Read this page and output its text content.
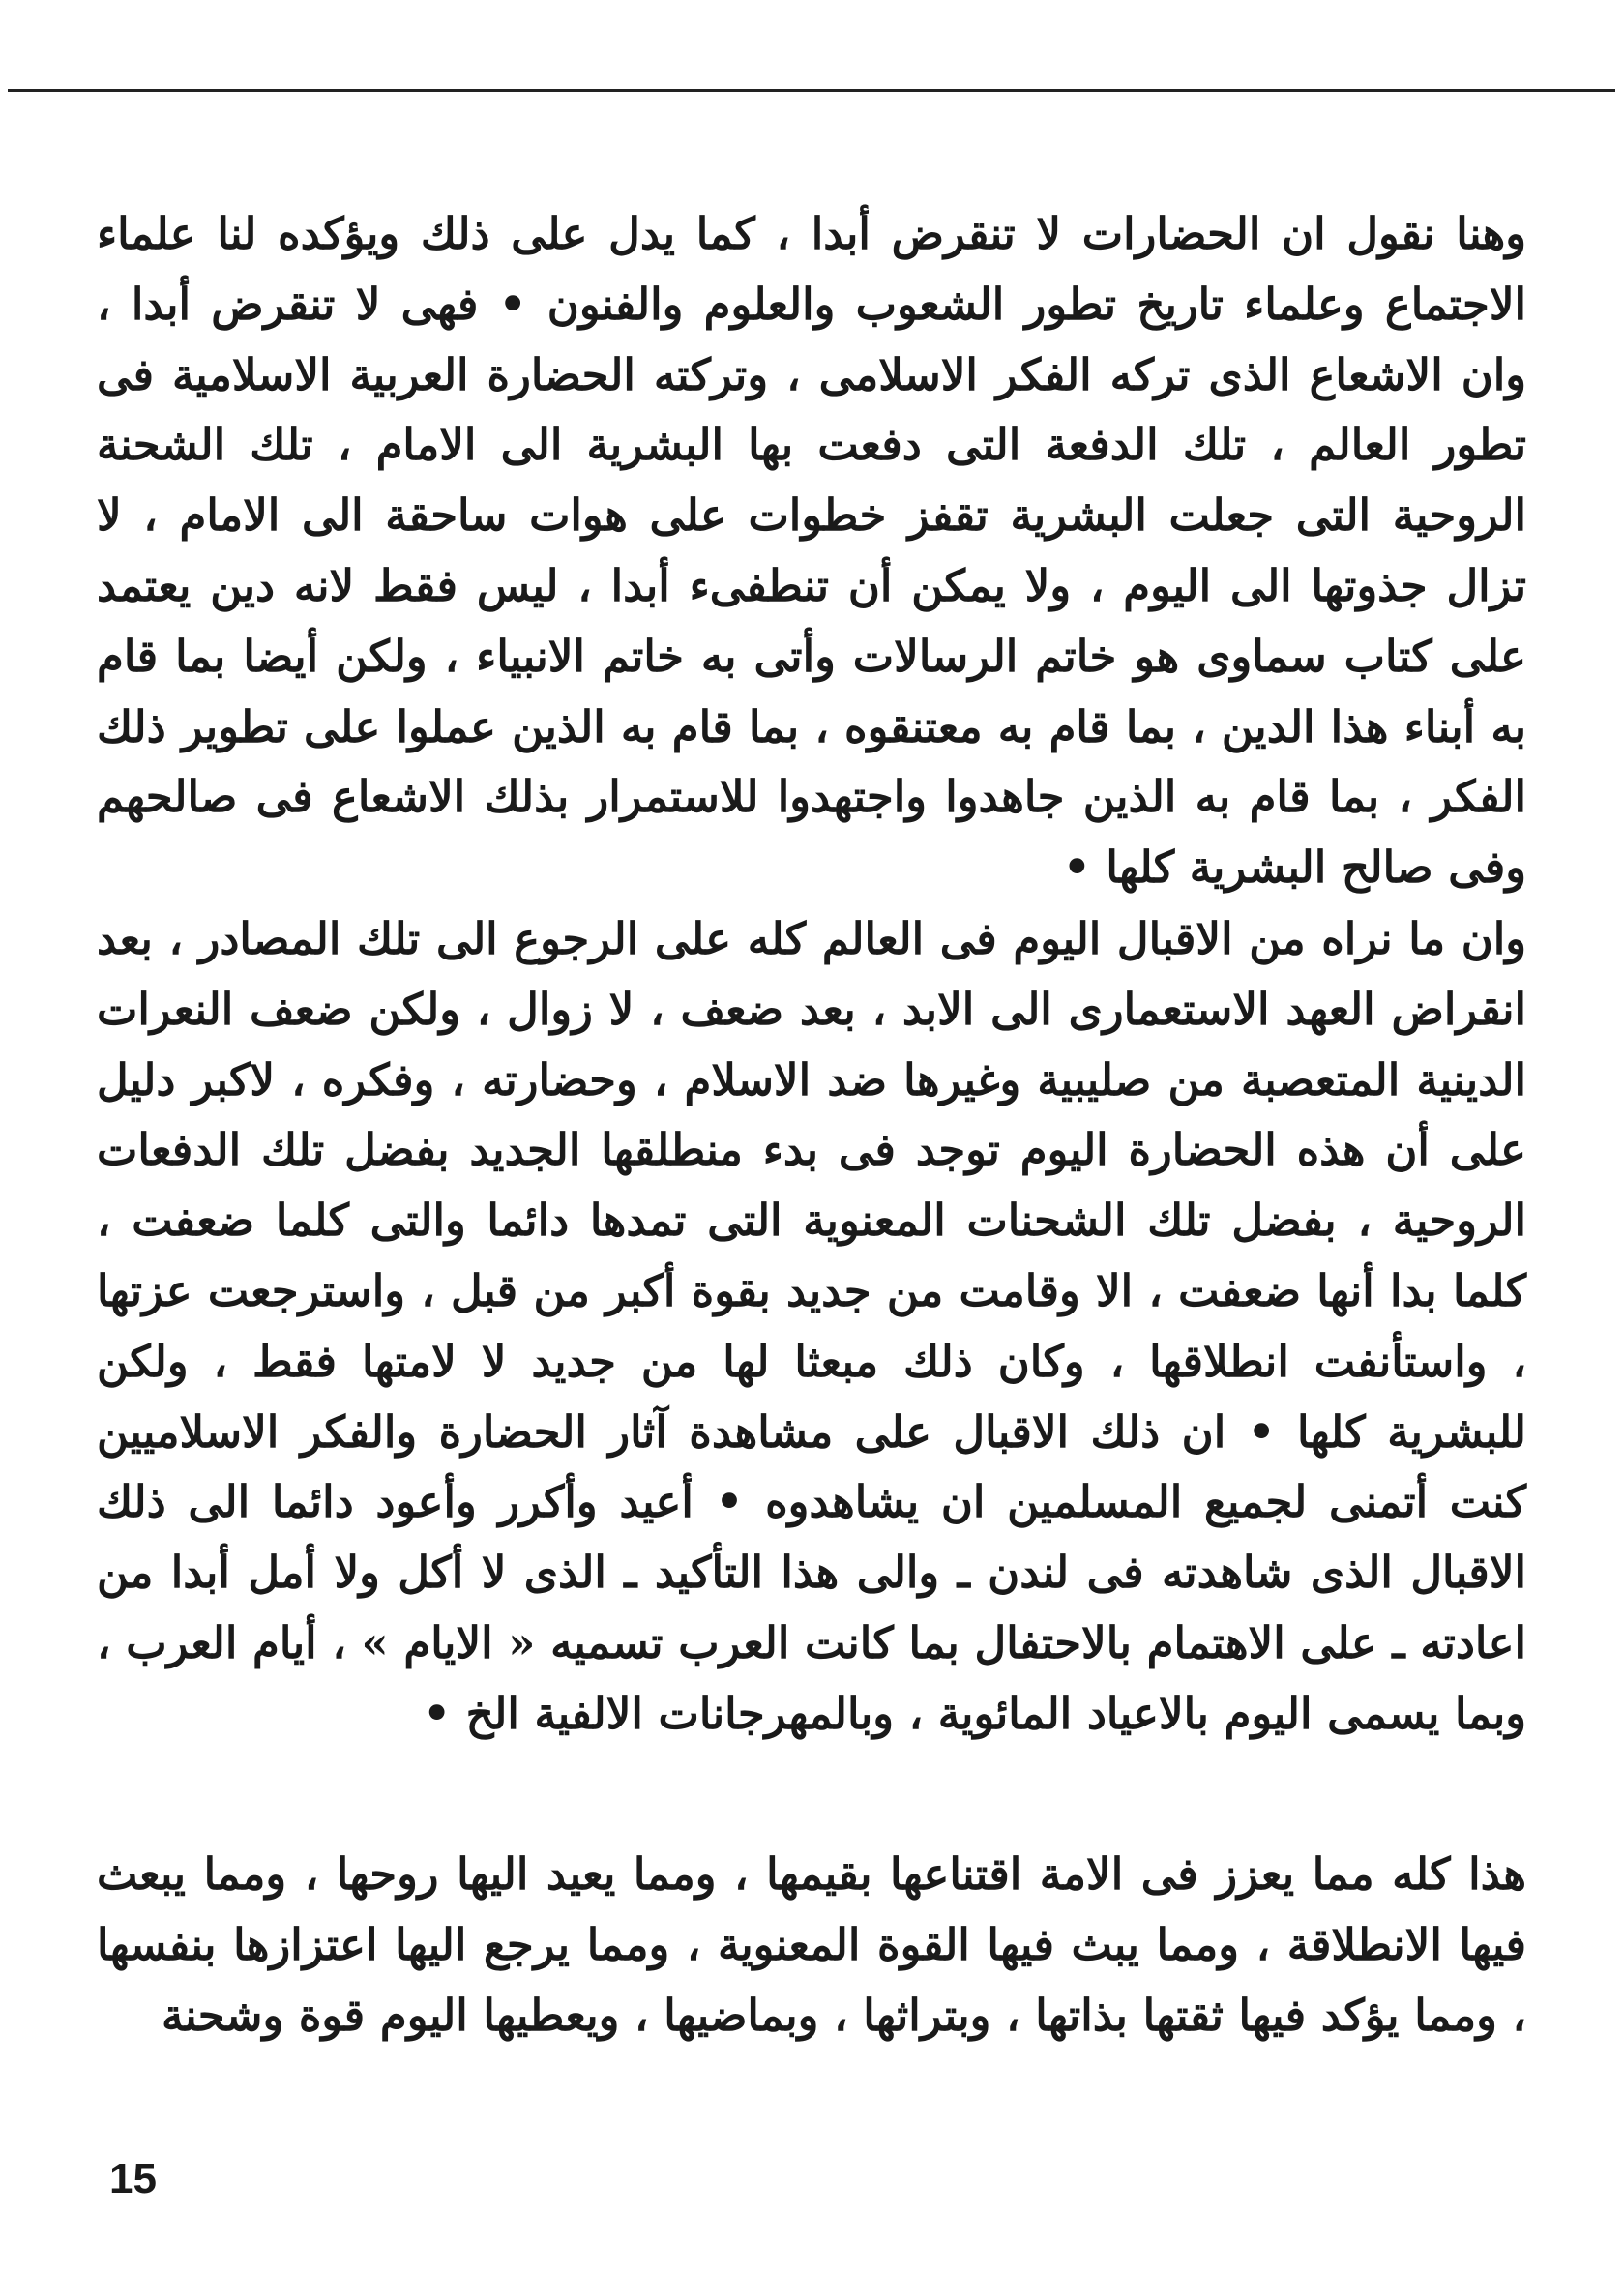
وهنا نقول ان الحضارات لا تنقرض أبدا ، كما يدل على ذلك ويؤكده لنا علماء الاجتماع وعلماء تاريخ تطور الشعوب والعلوم والفنون • فهى لا تنقرض أبدا ، وان الاشعاع الذى تركه الفكر الاسلامى ، وتركته الحضارة العربية الاسلامية فى تطور العالم ، تلك الدفعة التى دفعت بها البشرية الى الامام ، تلك الشحنة الروحية التى جعلت البشرية تقفز خطوات على هوات ساحقة الى الامام ، لا تزال جذوتها الى اليوم ، ولا يمكن أن تنطفىء أبدا ، ليس فقط لانه دين يعتمد على كتاب سماوى هو خاتم الرسالات وأتى به خاتم الانبياء ، ولكن أيضا بما قام به أبناء هذا الدين ، بما قام به معتنقوه ، بما قام به الذين عملوا على تطوير ذلك الفكر ، بما قام به الذين جاهدوا واجتهدوا للاستمرار بذلك الاشعاع فى صالحهم وفى صالح البشرية كلها •

وان ما نراه من الاقبال اليوم فى العالم كله على الرجوع الى تلك المصادر ، بعد انقراض العهد الاستعمارى الى الابد ، بعد ضعف ، لا زوال ، ولكن ضعف النعرات الدينية المتعصبة من صليبية وغيرها ضد الاسلام ، وحضارته ، وفكره ، لاكبر دليل على أن هذه الحضارة اليوم توجد فى بدء منطلقها الجديد بفضل تلك الدفعات الروحية ، بفضل تلك الشحنات المعنوية التى تمدها دائما والتى كلما ضعفت ، كلما بدا أنها ضعفت ، الا وقامت من جديد بقوة أكبر من قبل ، واسترجعت عزتها ، واستأنفت انطلاقها ، وكان ذلك مبعثا لها من جديد لا لامتها فقط ، ولكن للبشرية كلها • ان ذلك الاقبال على مشاهدة آثار الحضارة والفكر الاسلاميين كنت أتمنى لجميع المسلمين ان يشاهدوه • أعيد وأكرر وأعود دائما الى ذلك الاقبال الذى شاهدته فى لندن ـ والى هذا التأكيد ـ الذى لا أكل ولا أمل أبدا من اعادته ـ على الاهتمام بالاحتفال بما كانت العرب تسميه « الايام » ، أيام العرب ، وبما يسمى اليوم بالاعياد المائوية ، وبالمهرجانات الالفية الخ •

هذا كله مما يعزز فى الامة اقتناعها بقيمها ، ومما يعيد اليها روحها ، ومما يبعث فيها الانطلاقة ، ومما يبث فيها القوة المعنوية ، ومما يرجع اليها اعتزازها بنفسها ، ومما يؤكد فيها ثقتها بذاتها ، وبتراثها ، وبماضيها ، ويعطيها اليوم قوة وشحنة

15
